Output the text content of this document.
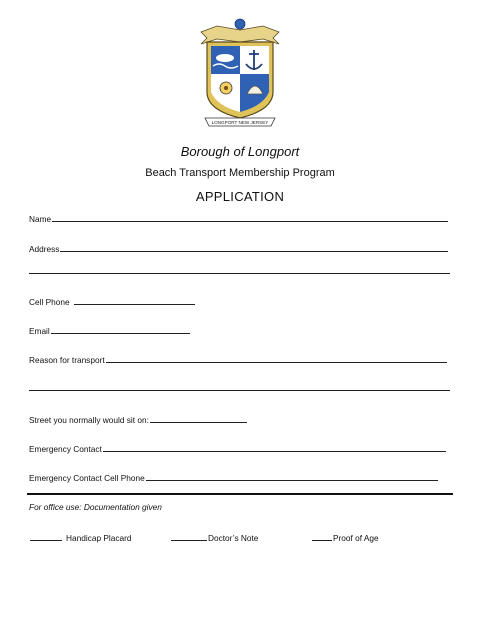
LONGPORT NEW JERSEY
Borough of Longport
Beach Transport Membership Program
APPLICATION
Name
Address
Cell Phone
Email
Reason for transport
Street you normally would sit on:
Emergency Contact
Emergency Contact Cell Phone
For office use: Documentation given
Handicap Placard	Doctor’s Note	Proof of Age
